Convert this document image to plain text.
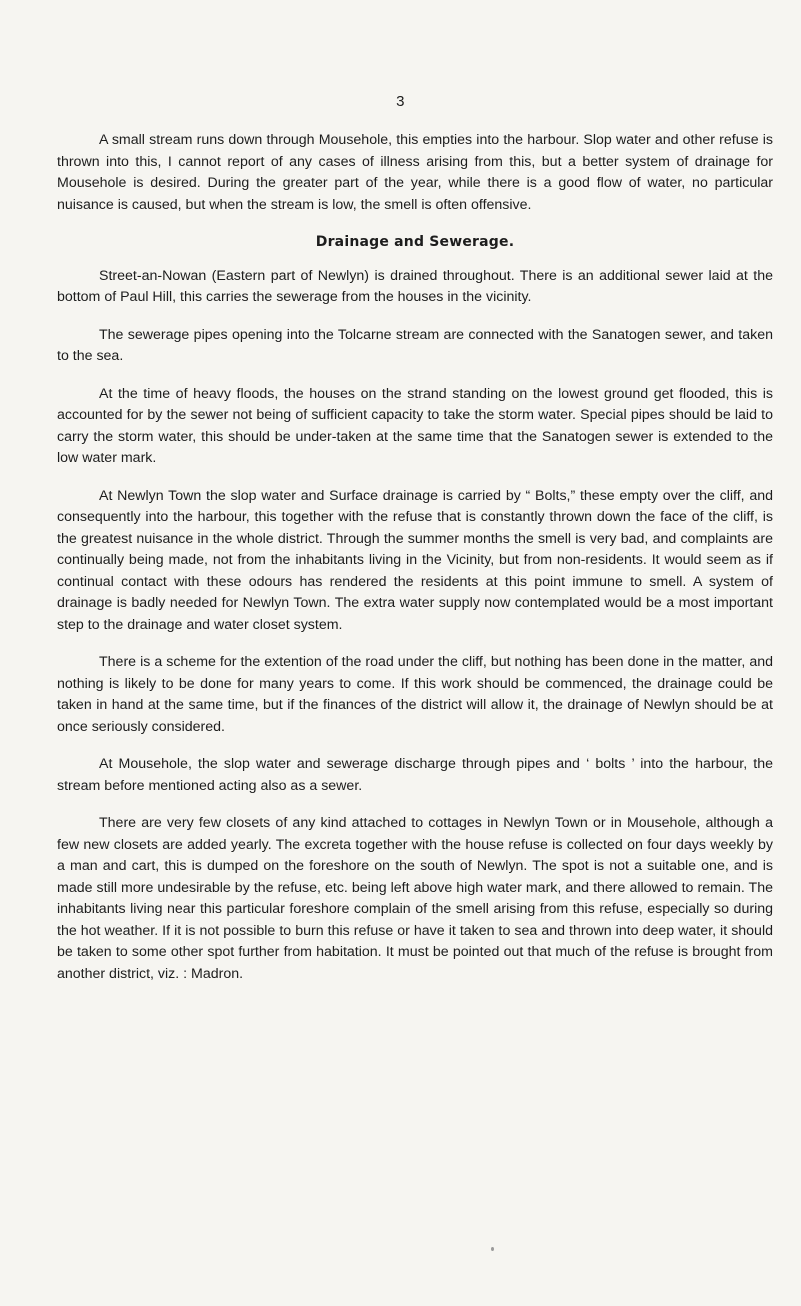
3

A small stream runs down through Mousehole, this empties into the harbour. Slop water and other refuse is thrown into this, I cannot report of any cases of illness arising from this, but a better system of drainage for Mousehole is desired. During the greater part of the year, while there is a good flow of water, no particular nuisance is caused, but when the stream is low, the smell is often offensive.

Drainage and Sewerage.

Street-an-Nowan (Eastern part of Newlyn) is drained throughout. There is an additional sewer laid at the bottom of Paul Hill, this carries the sewerage from the houses in the vicinity.

The sewerage pipes opening into the Tolcarne stream are connected with the Sanatogen sewer, and taken to the sea.

At the time of heavy floods, the houses on the strand standing on the lowest ground get flooded, this is accounted for by the sewer not being of sufficient capacity to take the storm water. Special pipes should be laid to carry the storm water, this should be under-taken at the same time that the Sanatogen sewer is extended to the low water mark.

At Newlyn Town the slop water and Surface drainage is carried by “ Bolts,” these empty over the cliff, and consequently into the harbour, this together with the refuse that is constantly thrown down the face of the cliff, is the greatest nuisance in the whole district. Through the summer months the smell is very bad, and complaints are continually being made, not from the inhabitants living in the Vicinity, but from non-residents. It would seem as if continual contact with these odours has rendered the residents at this point immune to smell. A system of drainage is badly needed for Newlyn Town. The extra water supply now contemplated would be a most important step to the drainage and water closet system.

There is a scheme for the extention of the road under the cliff, but nothing has been done in the matter, and nothing is likely to be done for many years to come. If this work should be commenced, the drainage could be taken in hand at the same time, but if the finances of the district will allow it, the drainage of Newlyn should be at once seriously considered.

At Mousehole, the slop water and sewerage discharge through pipes and ‘ bolts ’ into the harbour, the stream before mentioned acting also as a sewer.

There are very few closets of any kind attached to cottages in Newlyn Town or in Mousehole, although a few new closets are added yearly. The excreta together with the house refuse is collected on four days weekly by a man and cart, this is dumped on the foreshore on the south of Newlyn. The spot is not a suitable one, and is made still more undesirable by the refuse, etc. being left above high water mark, and there allowed to remain. The inhabitants living near this particular foreshore complain of the smell arising from this refuse, especially so during the hot weather. If it is not possible to burn this refuse or have it taken to sea and thrown into deep water, it should be taken to some other spot further from habitation. It must be pointed out that much of the refuse is brought from another district, viz. : Madron.
